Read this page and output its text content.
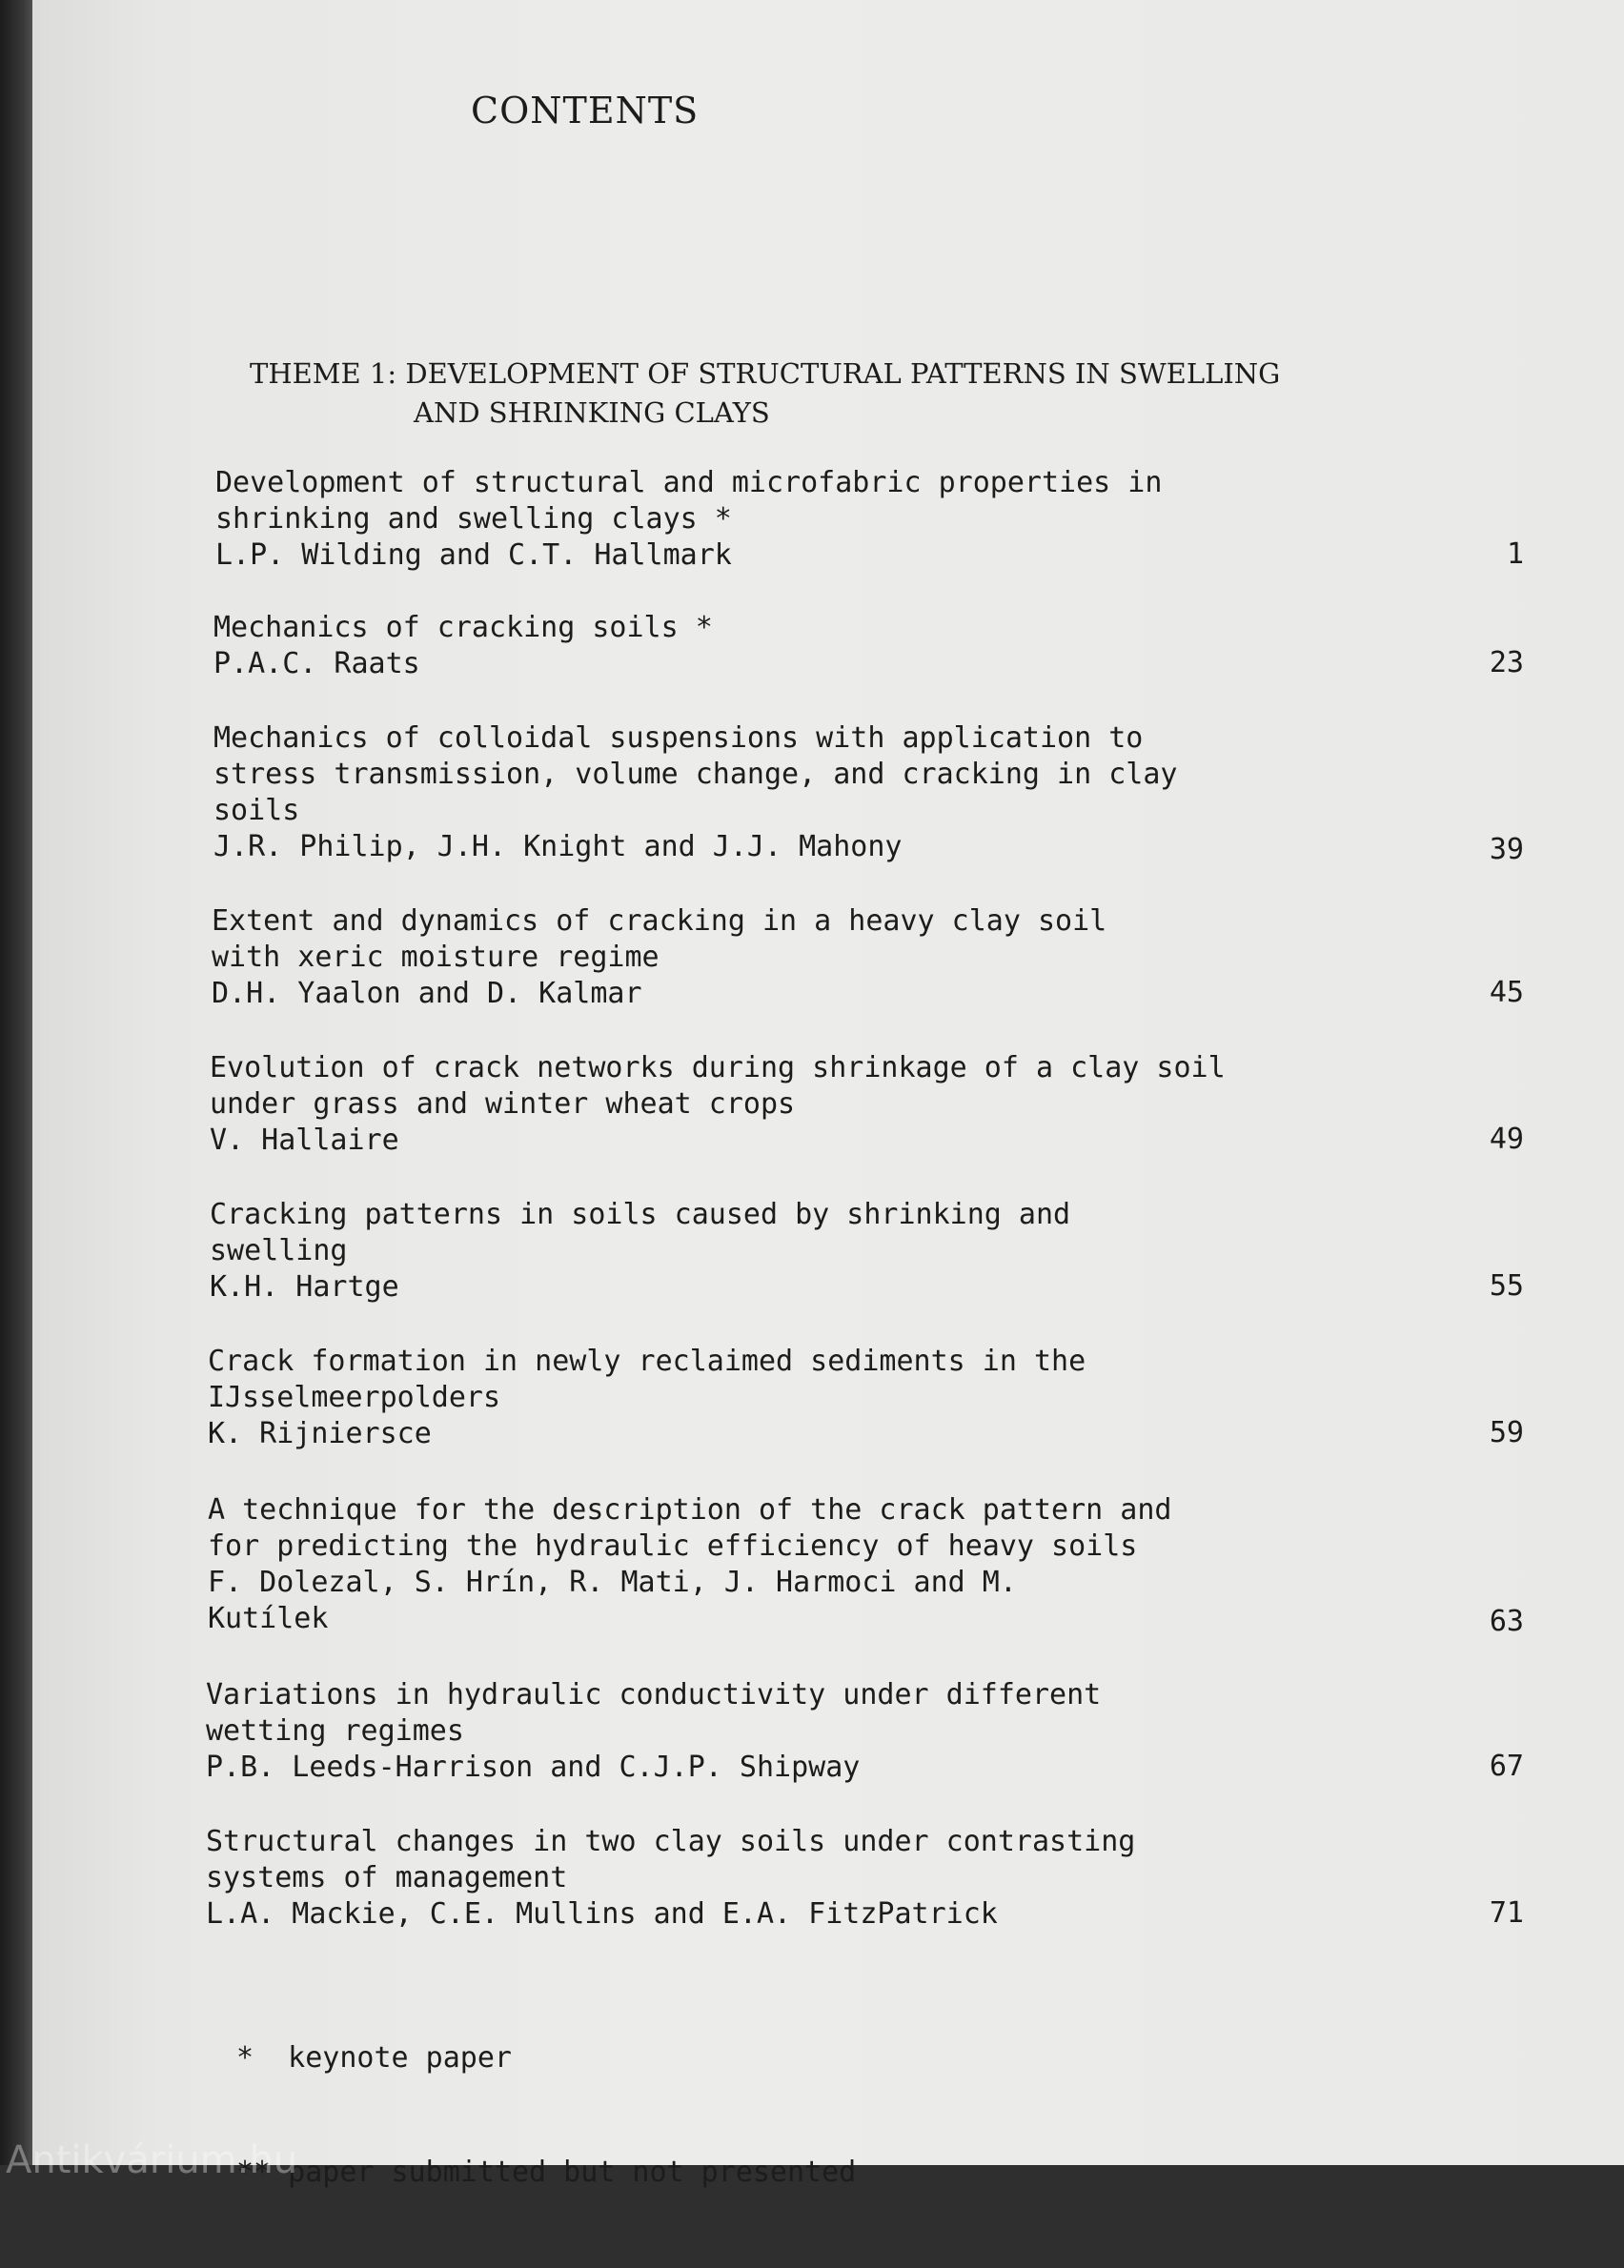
CONTENTS
THEME 1: DEVELOPMENT OF STRUCTURAL PATTERNS IN SWELLING
AND SHRINKING CLAYS
Development of structural and microfabric properties in
shrinking and swelling clays *
L.P. Wilding and C.T. Hallmark	1
Mechanics of cracking soils *
P.A.C. Raats	23
Mechanics of colloidal suspensions with application to
stress transmission, volume change, and cracking in clay
soils
J.R. Philip, J.H. Knight and J.J. Mahony	39
Extent and dynamics of cracking in a heavy clay soil
with xeric moisture regime
D.H. Yaalon and D. Kalmar	45
Evolution of crack networks during shrinkage of a clay soil
under grass and winter wheat crops
V. Hallaire	49
Cracking patterns in soils caused by shrinking and
swelling
K.H. Hartge	55
Crack formation in newly reclaimed sediments in the
IJsselmeerpolders
K. Rijniersce	59
A technique for the description of the crack pattern and
for predicting the hydraulic efficiency of heavy soils
F. Dolezal, S. Hrín, R. Mati, J. Harmoci and M.
Kutílek	63
Variations in hydraulic conductivity under different
wetting regimes
P.B. Leeds-Harrison and C.J.P. Shipway	67
Structural changes in two clay soils under contrasting
systems of management
L.A. Mackie, C.E. Mullins and E.A. FitzPatrick	71

*  keynote paper

** paper submitted but not presented

Antikvárium.hu
